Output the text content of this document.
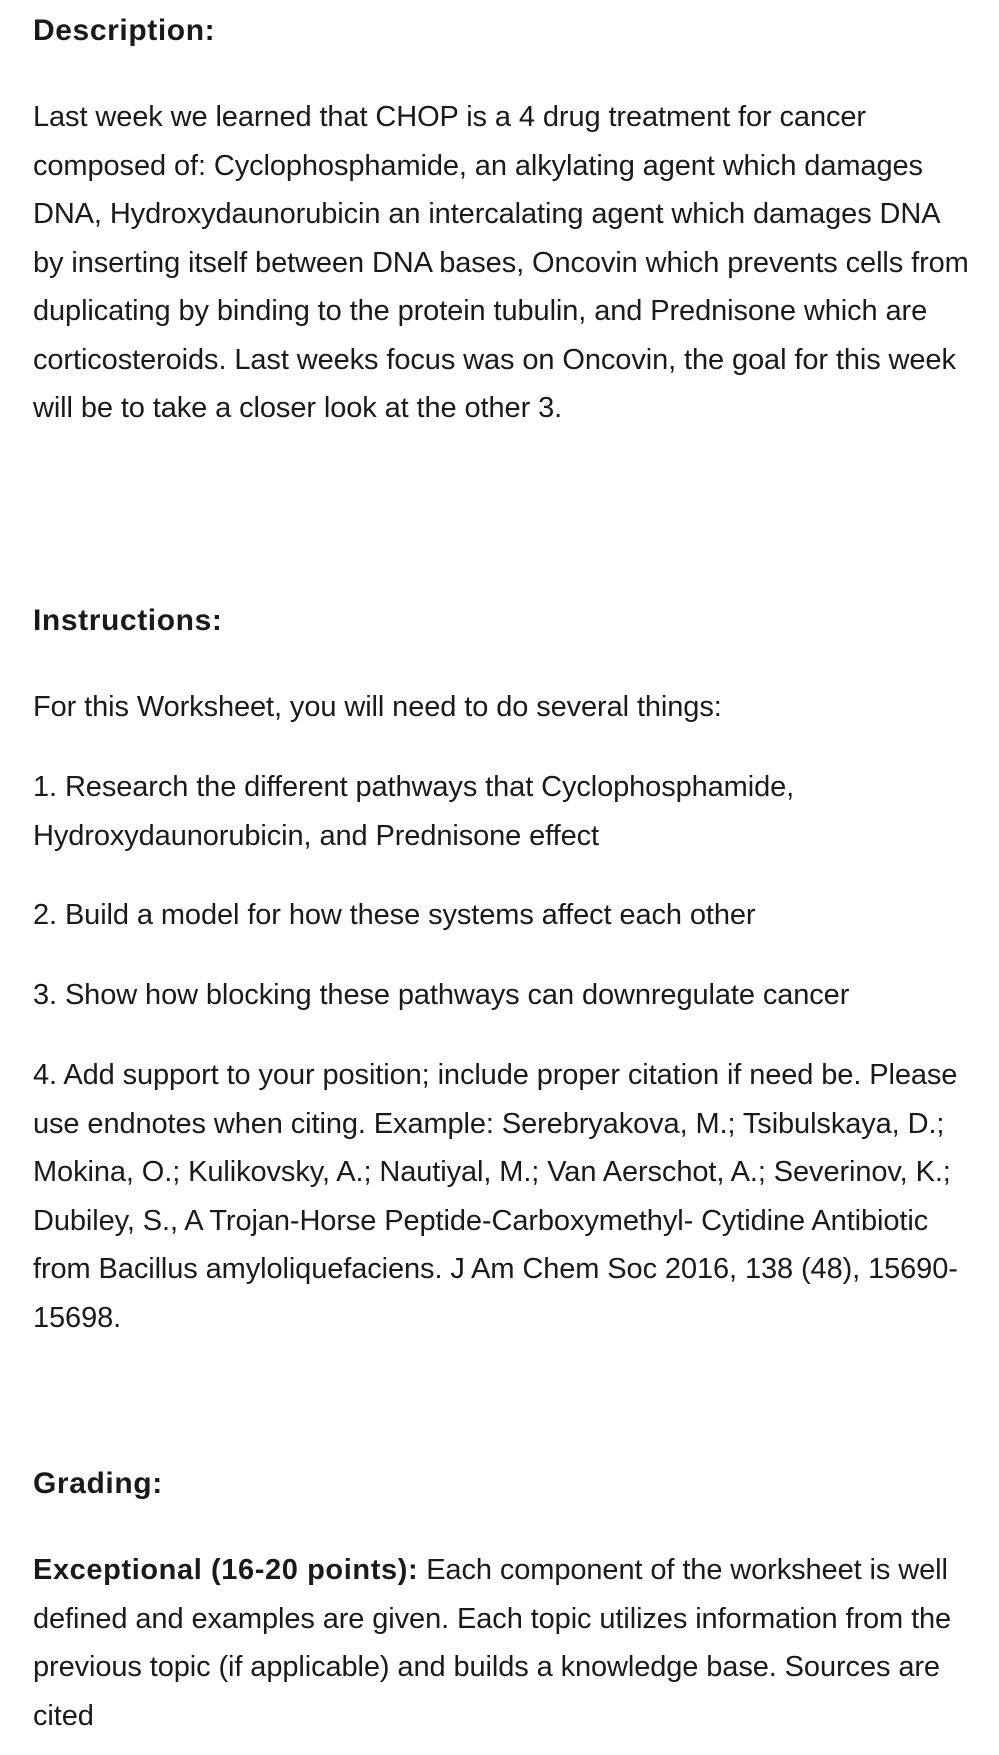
Description:

Last week we learned that CHOP is a 4 drug treatment for cancer composed of: Cyclophosphamide, an alkylating agent which damages DNA, Hydroxydaunorubicin an intercalating agent which damages DNA by inserting itself between DNA bases, Oncovin which prevents cells from duplicating by binding to the protein tubulin, and Prednisone which are corticosteroids. Last weeks focus was on Oncovin, the goal for this week will be to take a closer look at the other 3.

Instructions:

For this Worksheet, you will need to do several things:

1. Research the different pathways that Cyclophosphamide, Hydroxydaunorubicin, and Prednisone effect

2. Build a model for how these systems affect each other

3. Show how blocking these pathways can downregulate cancer

4. Add support to your position; include proper citation if need be. Please use endnotes when citing. Example: Serebryakova, M.; Tsibulskaya, D.; Mokina, O.; Kulikovsky, A.; Nautiyal, M.; Van Aerschot, A.; Severinov, K.; Dubiley, S., A Trojan-Horse Peptide-Carboxymethyl- Cytidine Antibiotic from Bacillus amyloliquefaciens. J Am Chem Soc 2016, 138 (48), 15690-15698.

Grading:

Exceptional (16-20 points): Each component of the worksheet is well defined and examples are given. Each topic utilizes information from the previous topic (if applicable) and builds a knowledge base. Sources are cited
